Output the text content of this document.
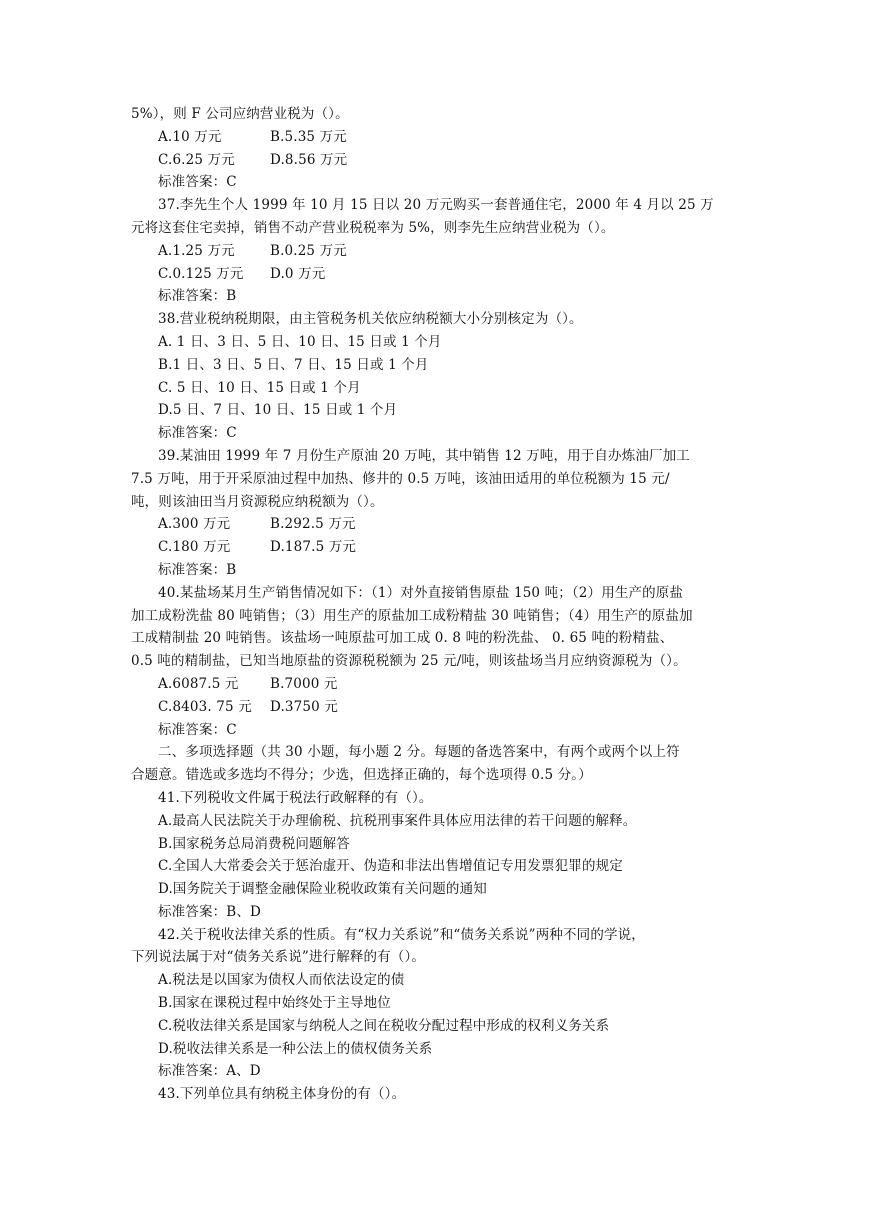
5%），则 F 公司应纳营业税为（）。
A.10 万元	B.5.35 万元
C.6.25 万元	D.8.56 万元
标准答案：C
37.李先生个人 1999 年 10 月 15 日以 20 万元购买一套普通住宅，2000 年 4 月以 25 万
元将这套住宅卖掉，销售不动产营业税税率为 5%，则李先生应纳营业税为（）。
A.1.25 万元	B.0.25 万元
C.0.125 万元	D.0 万元
标准答案：B
38.营业税纳税期限，由主管税务机关依应纳税额大小分别核定为（）。
A. 1 日、3 日、5 日、10 日、15 日或 1 个月
B.1 日、3 日、5 日、7 日、15 日或 1 个月
C. 5 日、10 日、15 日或 1 个月
D.5 日、7 日、10 日、15 日或 1 个月
标准答案：C
39.某油田 1999 年 7 月份生产原油 20 万吨，其中销售 12 万吨，用于自办炼油厂加工
7.5 万吨，用于开采原油过程中加热、修井的 0.5 万吨，该油田适用的单位税额为 15 元/
吨，则该油田当月资源税应纳税额为（）。
A.300 万元	B.292.5 万元
C.180 万元	D.187.5 万元
标准答案：B
40.某盐场某月生产销售情况如下：（1）对外直接销售原盐 150 吨；（2）用生产的原盐
加工成粉洗盐 80 吨销售；（3）用生产的原盐加工成粉精盐 30 吨销售；（4）用生产的原盐加
工成精制盐 20 吨销售。该盐场一吨原盐可加工成 0. 8 吨的粉洗盐、 0. 65 吨的粉精盐、
0.5 吨的精制盐，已知当地原盐的资源税税额为 25 元/吨，则该盐场当月应纳资源税为（）。
A.6087.5 元	B.7000 元
C.8403. 75 元	D.3750 元
标准答案：C
二、多项选择题（共 30 小题，每小题 2 分。每题的备选答案中，有两个或两个以上符
合题意。错选或多选均不得分；少选，但选择正确的，每个选项得 0.5 分。）
41.下列税收文件属于税法行政解释的有（）。
A.最高人民法院关于办理偷税、抗税刑事案件具体应用法律的若干问题的解释。
B.国家税务总局消费税问题解答
C.全国人大常委会关于惩治虚开、伪造和非法出售增值记专用发票犯罪的规定
D.国务院关于调整金融保险业税收政策有关问题的通知
标准答案：B、D
42.关于税收法律关系的性质。有“权力关系说”和“债务关系说”两种不同的学说，
下列说法属于对“债务关系说”进行解释的有（）。
A.税法是以国家为债权人而依法设定的债
B.国家在课税过程中始终处于主导地位
C.税收法律关系是国家与纳税人之间在税收分配过程中形成的权利义务关系
D.税收法律关系是一种公法上的债权债务关系
标准答案：A、D
43.下列单位具有纳税主体身份的有（）。
